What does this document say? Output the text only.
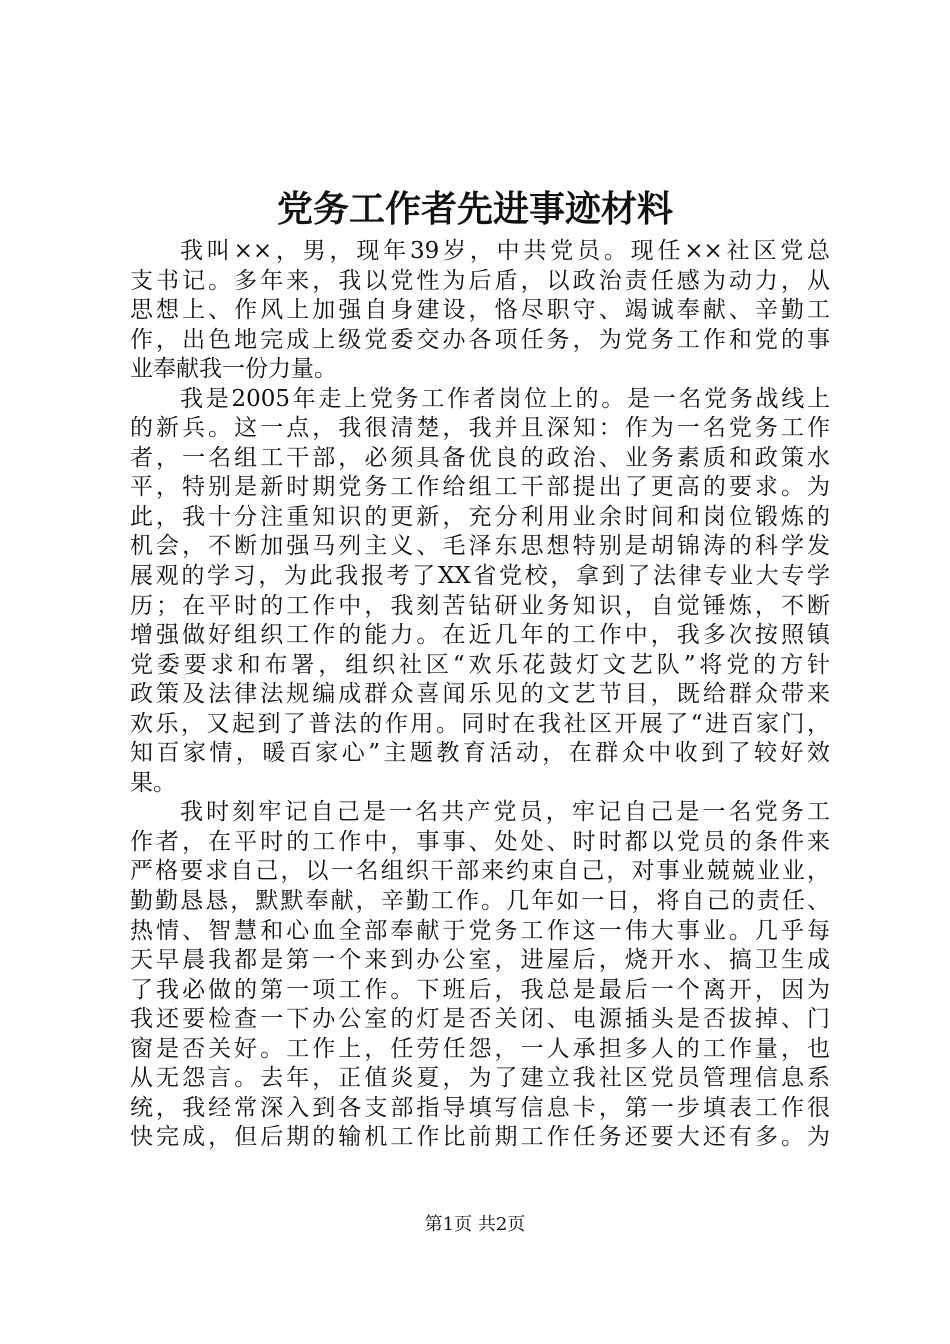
党务工作者先进事迹材料
我叫××，男，现年39岁，中共党员。现任××社区党总
支书记。多年来，我以党性为后盾，以政治责任感为动力，从
思想上、作风上加强自身建设，恪尽职守、竭诚奉献、辛勤工
作，出色地完成上级党委交办各项任务，为党务工作和党的事
业奉献我一份力量。
我是2005年走上党务工作者岗位上的。是一名党务战线上
的新兵。这一点，我很清楚，我并且深知：作为一名党务工作
者，一名组工干部，必须具备优良的政治、业务素质和政策水
平，特别是新时期党务工作给组工干部提出了更高的要求。为
此，我十分注重知识的更新，充分利用业余时间和岗位锻炼的
机会，不断加强马列主义、毛泽东思想特别是胡锦涛的科学发
展观的学习，为此我报考了XX省党校，拿到了法律专业大专学
历；在平时的工作中，我刻苦钻研业务知识，自觉锤炼，不断
增强做好组织工作的能力。在近几年的工作中，我多次按照镇
党委要求和布署，组织社区“欢乐花鼓灯文艺队”将党的方针
政策及法律法规编成群众喜闻乐见的文艺节目，既给群众带来
欢乐，又起到了普法的作用。同时在我社区开展了“进百家门，
知百家情，暖百家心”主题教育活动，在群众中收到了较好效
果。
我时刻牢记自己是一名共产党员，牢记自己是一名党务工
作者，在平时的工作中，事事、处处、时时都以党员的条件来
严格要求自己，以一名组织干部来约束自己，对事业兢兢业业，
勤勤恳恳，默默奉献，辛勤工作。几年如一日，将自己的责任、
热情、智慧和心血全部奉献于党务工作这一伟大事业。几乎每
天早晨我都是第一个来到办公室，进屋后，烧开水、搞卫生成
了我必做的第一项工作。下班后，我总是最后一个离开，因为
我还要检查一下办公室的灯是否关闭、电源插头是否拔掉、门
窗是否关好。工作上，任劳任怨，一人承担多人的工作量，也
从无怨言。去年，正值炎夏，为了建立我社区党员管理信息系
统，我经常深入到各支部指导填写信息卡，第一步填表工作很
快完成，但后期的输机工作比前期工作任务还要大还有多。为
第1页 共2页
